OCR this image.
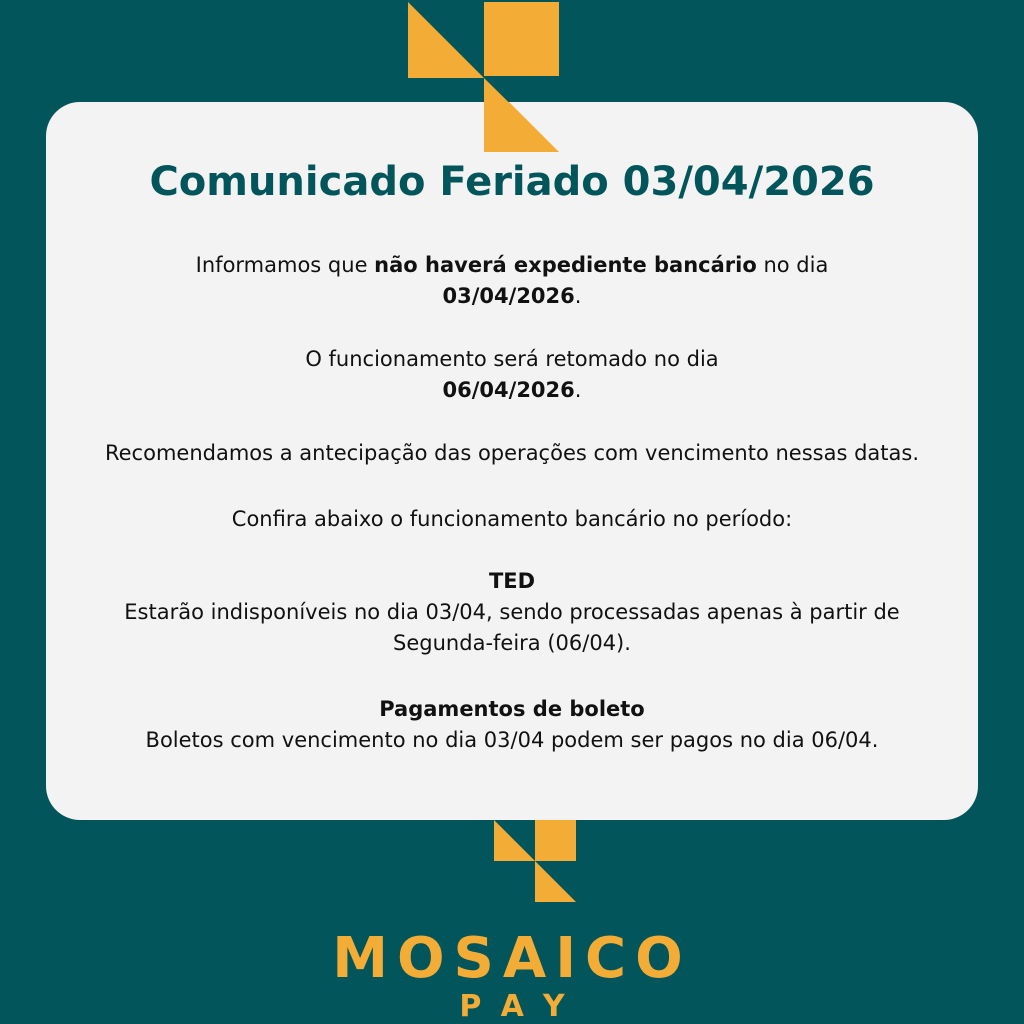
Comunicado Feriado 03/04/2026

Informamos que não haverá expediente bancário no dia
03/04/2026.

O funcionamento será retomado no dia
06/04/2026.

Recomendamos a antecipação das operações com vencimento nessas datas.

Confira abaixo o funcionamento bancário no período:

TED
Estarão indisponíveis no dia 03/04, sendo processadas apenas à partir de
Segunda-feira (06/04).

Pagamentos de boleto
Boletos com vencimento no dia 03/04 podem ser pagos no dia 06/04.

MOSAICO
PAY
